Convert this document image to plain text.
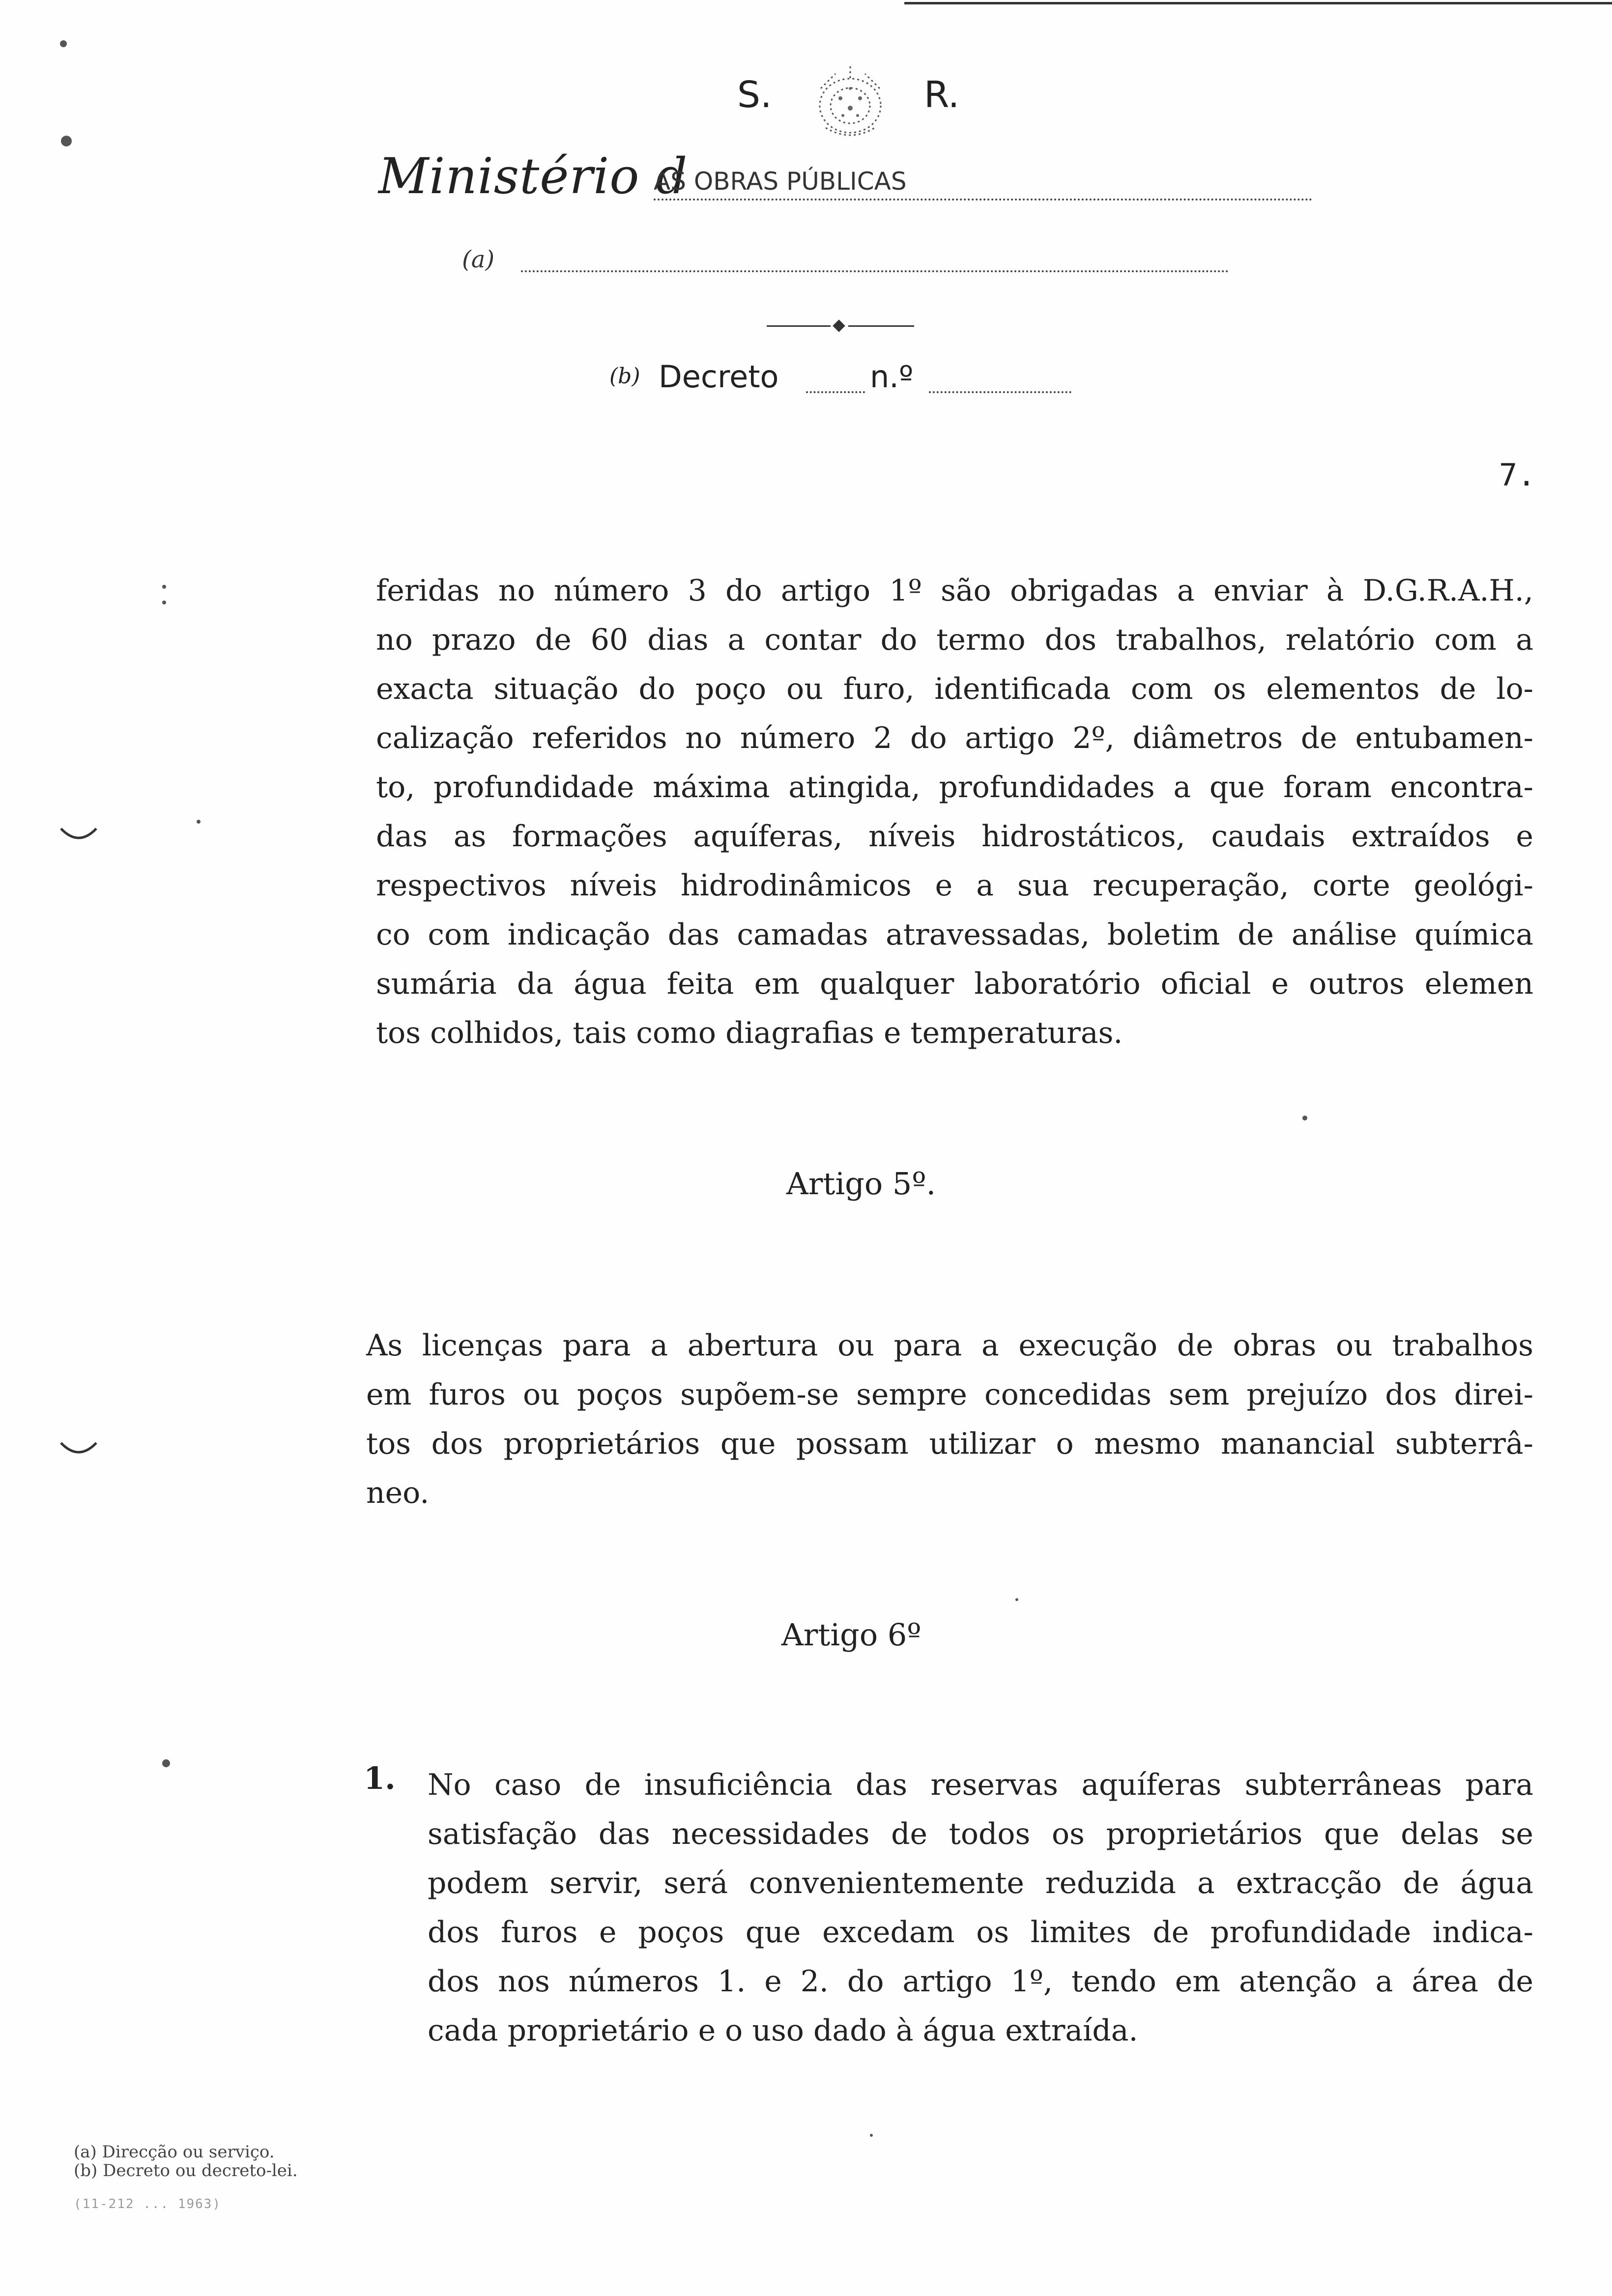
S.	R.
Ministério d
AS OBRAS PÚBLICAS
(a)
(b) Decreto	n.º
7.
feridas no número 3 do artigo 1º são obrigadas a enviar à D.G.R.A.H.,
no prazo de 60 dias a contar do termo dos trabalhos, relatório com a
exacta situação do poço ou furo, identificada com os elementos de lo-
calização referidos no número 2 do artigo 2º, diâmetros de entubamen-
to, profundidade máxima atingida, profundidades a que foram encontra-
das as formações aquíferas, níveis hidrostáticos, caudais extraídos e
respectivos níveis hidrodinâmicos e a sua recuperação, corte geológi-
co com indicação das camadas atravessadas, boletim de análise química
sumária da água feita em qualquer laboratório oficial e outros elemen
tos colhidos, tais como diagrafias e temperaturas.
Artigo 5º.
As licenças para a abertura ou para a execução de obras ou trabalhos
em furos ou poços supõem-se sempre concedidas sem prejuízo dos direi-
tos dos proprietários que possam utilizar o mesmo manancial subterrâ-
neo.
Artigo 6º
1. No caso de insuficiência das reservas aquíferas subterrâneas para
satisfação das necessidades de todos os proprietários que delas se
podem servir, será convenientemente reduzida a extracção de água
dos furos e poços que excedam os limites de profundidade indica-
dos nos números 1. e 2. do artigo 1º, tendo em atenção a área de
cada proprietário e o uso dado à água extraída.
(a) Direcção ou serviço.
(b) Decreto ou decreto-lei.
(11-212 ... 1963)
